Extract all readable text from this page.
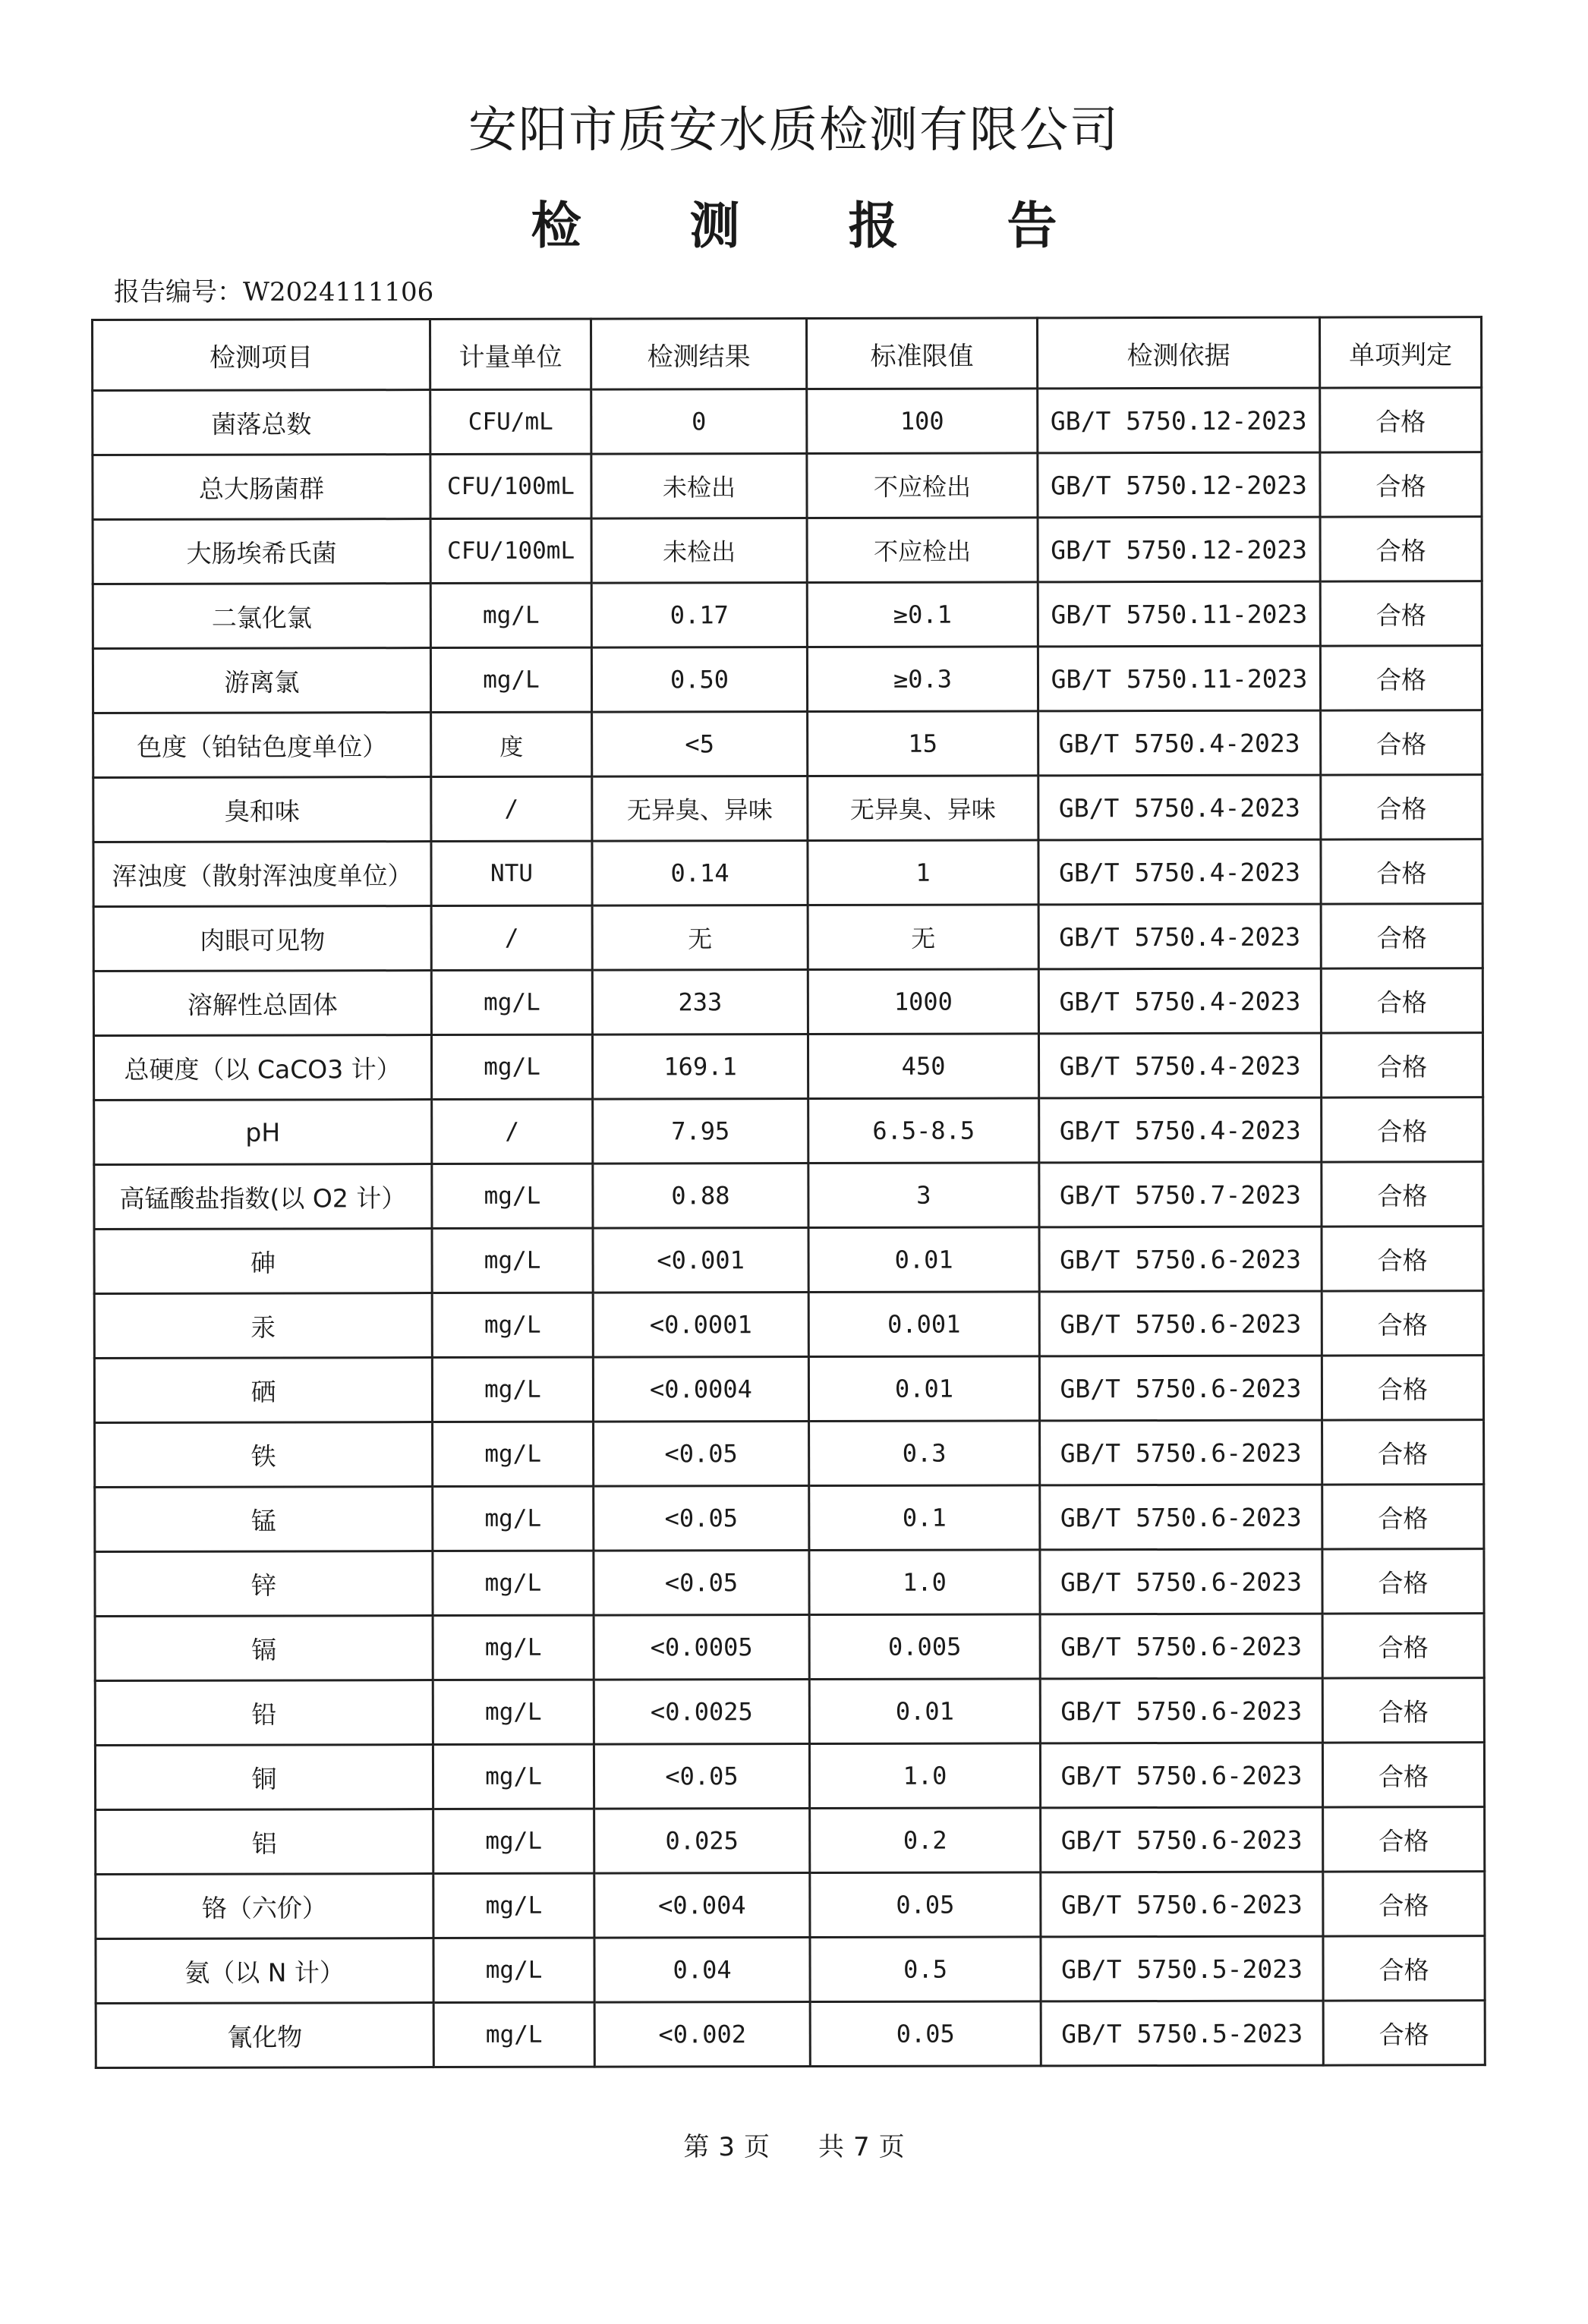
安阳市质安水质检测有限公司
检 测 报 告
报告编号：W2024111106
检测项目	计量单位	检测结果	标准限值	检测依据	单项判定
菌落总数	CFU/mL	0	100	GB/T 5750.12-2023	合格
总大肠菌群	CFU/100mL	未检出	不应检出	GB/T 5750.12-2023	合格
大肠埃希氏菌	CFU/100mL	未检出	不应检出	GB/T 5750.12-2023	合格
二氯化氯	mg/L	0.17	≥0.1	GB/T 5750.11-2023	合格
游离氯	mg/L	0.50	≥0.3	GB/T 5750.11-2023	合格
色度（铂钴色度单位）	度	<5	15	GB/T 5750.4-2023	合格
臭和味	/	无异臭、异味	无异臭、异味	GB/T 5750.4-2023	合格
浑浊度（散射浑浊度单位）	NTU	0.14	1	GB/T 5750.4-2023	合格
肉眼可见物	/	无	无	GB/T 5750.4-2023	合格
溶解性总固体	mg/L	233	1000	GB/T 5750.4-2023	合格
总硬度（以 CaCO3 计）	mg/L	169.1	450	GB/T 5750.4-2023	合格
pH	/	7.95	6.5-8.5	GB/T 5750.4-2023	合格
高锰酸盐指数(以 O2 计）	mg/L	0.88	3	GB/T 5750.7-2023	合格
砷	mg/L	<0.001	0.01	GB/T 5750.6-2023	合格
汞	mg/L	<0.0001	0.001	GB/T 5750.6-2023	合格
硒	mg/L	<0.0004	0.01	GB/T 5750.6-2023	合格
铁	mg/L	<0.05	0.3	GB/T 5750.6-2023	合格
锰	mg/L	<0.05	0.1	GB/T 5750.6-2023	合格
锌	mg/L	<0.05	1.0	GB/T 5750.6-2023	合格
镉	mg/L	<0.0005	0.005	GB/T 5750.6-2023	合格
铅	mg/L	<0.0025	0.01	GB/T 5750.6-2023	合格
铜	mg/L	<0.05	1.0	GB/T 5750.6-2023	合格
铝	mg/L	0.025	0.2	GB/T 5750.6-2023	合格
铬（六价）	mg/L	<0.004	0.05	GB/T 5750.6-2023	合格
氨（以 N 计）	mg/L	0.04	0.5	GB/T 5750.5-2023	合格
氰化物	mg/L	<0.002	0.05	GB/T 5750.5-2023	合格
第 3 页 共 7 页
